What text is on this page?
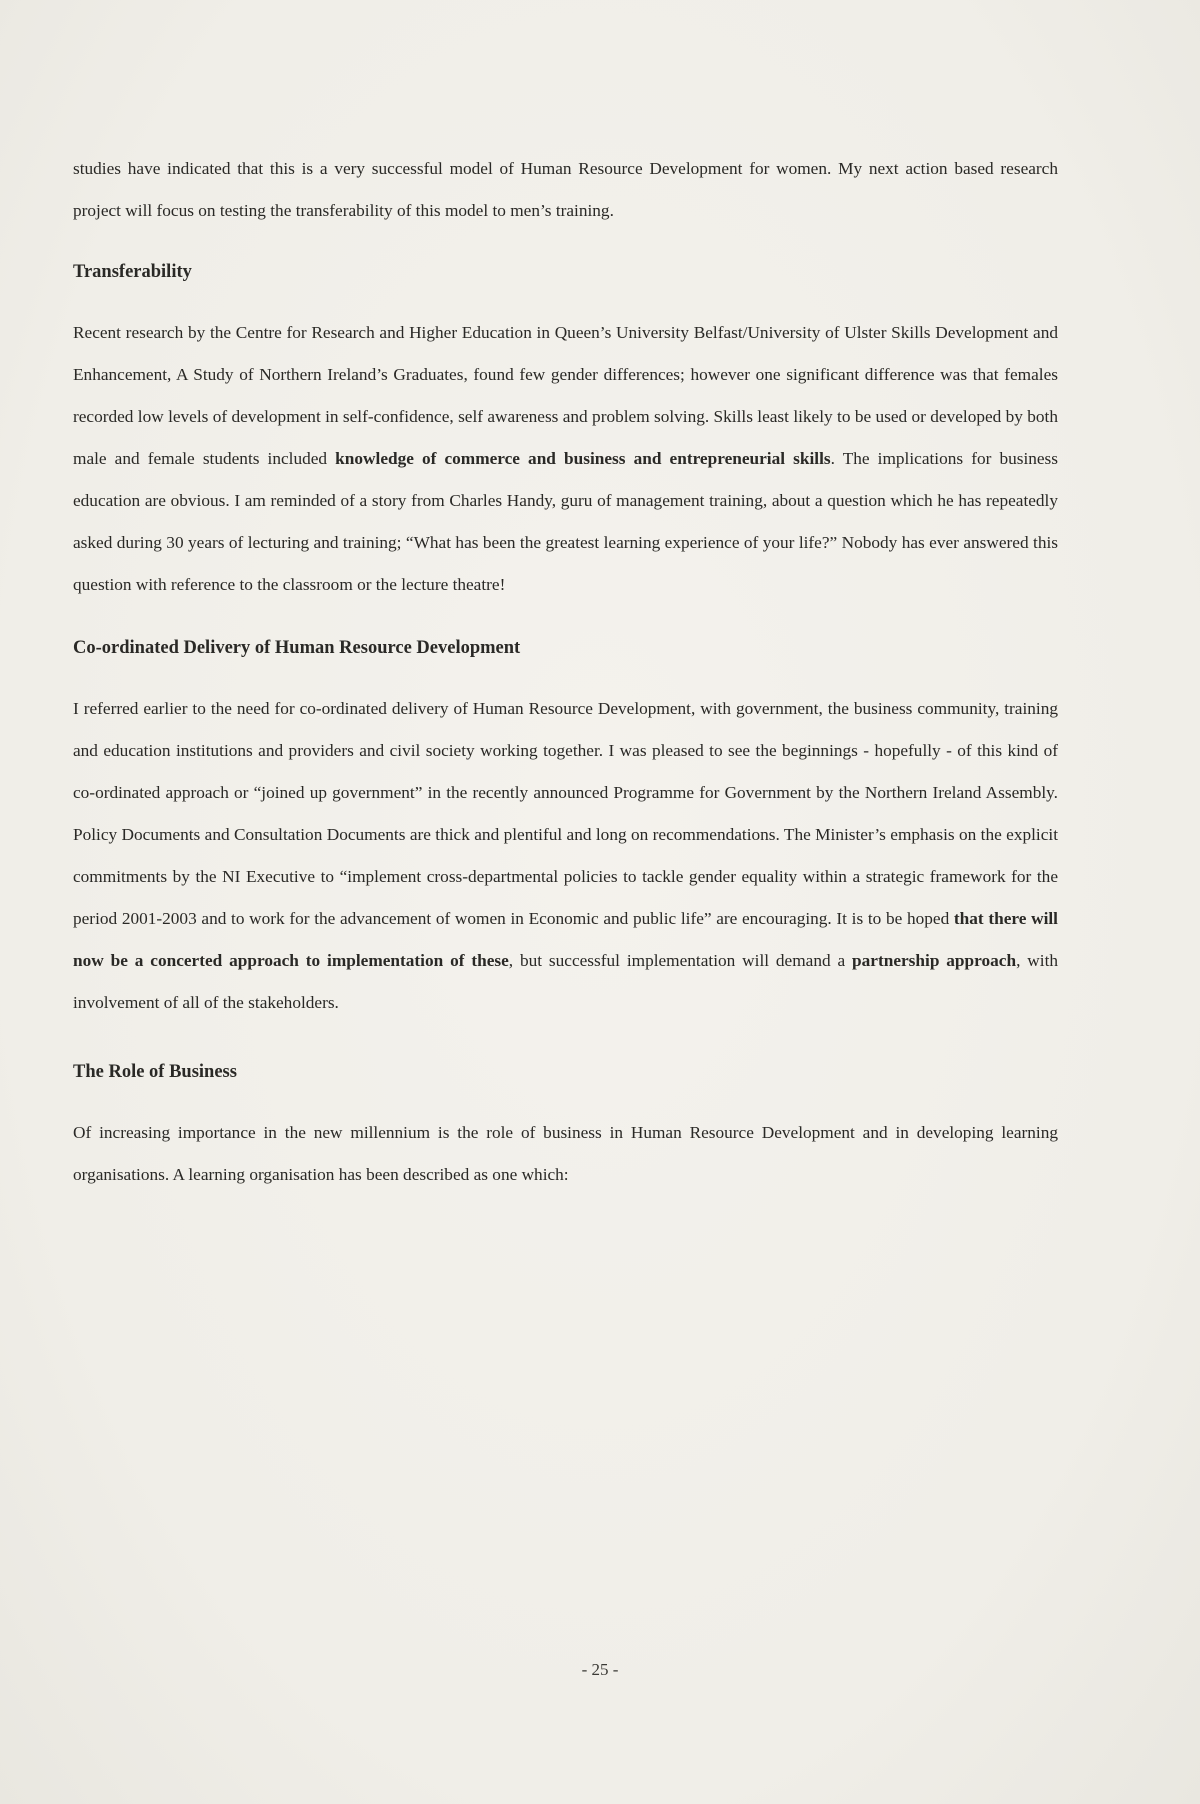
studies have indicated that this is a very successful model of Human Resource Development for women. My next action based research project will focus on testing the transferability of this model to men’s training.

Transferability

Recent research by the Centre for Research and Higher Education in Queen’s University Belfast/University of Ulster Skills Development and Enhancement, A Study of Northern Ireland’s Graduates, found few gender differences; however one significant difference was that females recorded low levels of development in self-confidence, self awareness and problem solving. Skills least likely to be used or developed by both male and female students included knowledge of commerce and business and entrepreneurial skills. The implications for business education are obvious. I am reminded of a story from Charles Handy, guru of management training, about a question which he has repeatedly asked during 30 years of lecturing and training; “What has been the greatest learning experience of your life?” Nobody has ever answered this question with reference to the classroom or the lecture theatre!

Co-ordinated Delivery of Human Resource Development

I referred earlier to the need for co-ordinated delivery of Human Resource Development, with government, the business community, training and education institutions and providers and civil society working together. I was pleased to see the beginnings - hopefully - of this kind of co-ordinated approach or “joined up government” in the recently announced Programme for Government by the Northern Ireland Assembly. Policy Documents and Consultation Documents are thick and plentiful and long on recommendations. The Minister’s emphasis on the explicit commitments by the NI Executive to “implement cross-departmental policies to tackle gender equality within a strategic framework for the period 2001-2003 and to work for the advancement of women in Economic and public life” are encouraging. It is to be hoped that there will now be a concerted approach to implementation of these, but successful implementation will demand a partnership approach, with involvement of all of the stakeholders.

The Role of Business

Of increasing importance in the new millennium is the role of business in Human Resource Development and in developing learning organisations. A learning organisation has been described as one which:

- 25 -
